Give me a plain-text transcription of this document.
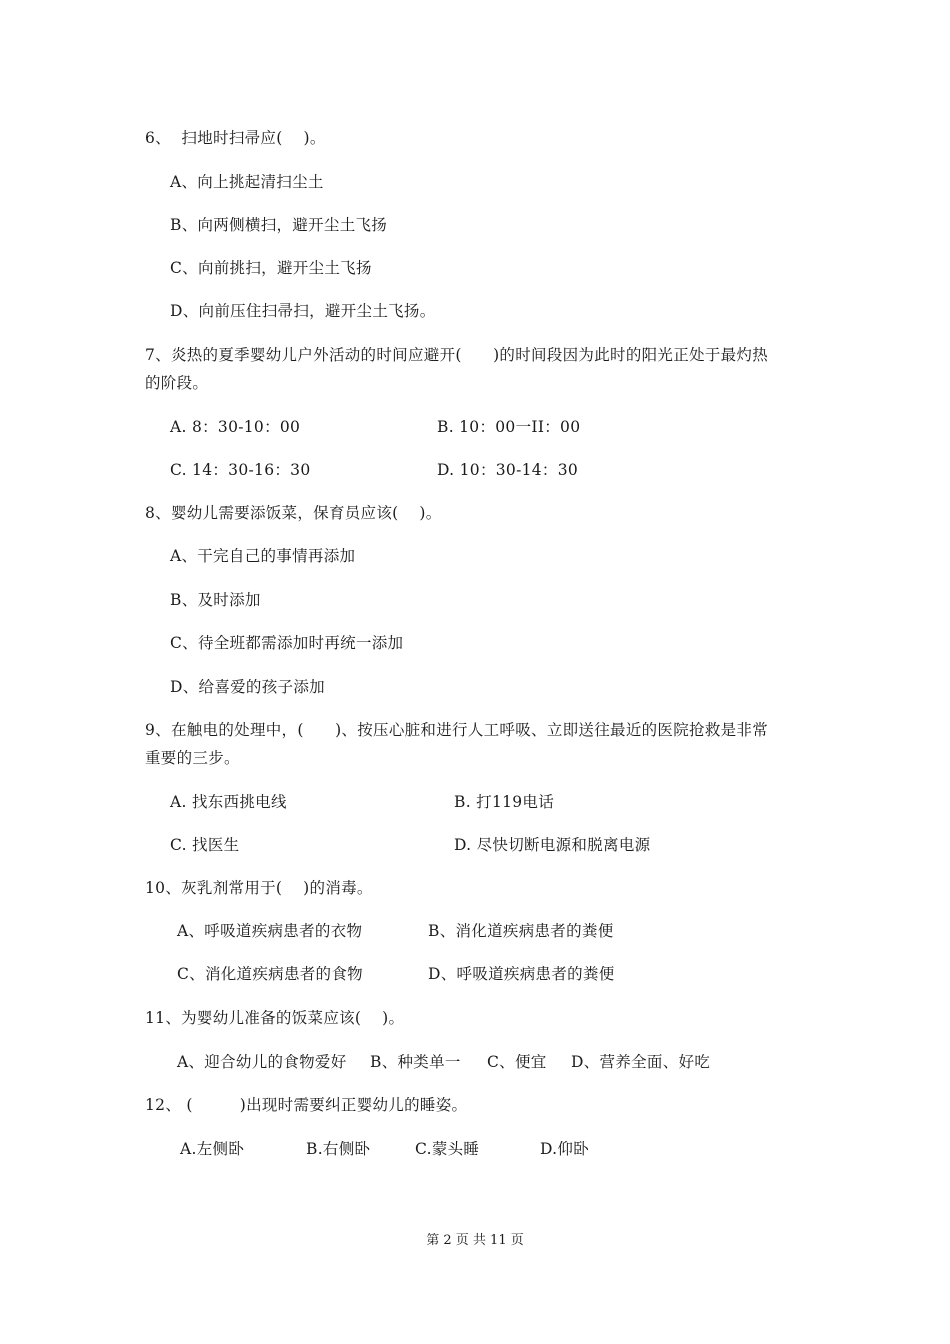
6、  扫地时扫帚应(    )。
A、向上挑起清扫尘土
B、向两侧横扫，避开尘土飞扬
C、向前挑扫，避开尘土飞扬
D、向前压住扫帚扫，避开尘土飞扬。
7、炎热的夏季婴幼儿户外活动的时间应避开(      )的时间段因为此时的阳光正处于最灼热
的阶段。
A. 8：30-10：00	B. 10：00一II：00
C. 14：30-16：30	D. 10：30-14：30
8、婴幼儿需要添饭菜，保育员应该(    )。
A、干完自己的事情再添加
B、及时添加
C、待全班都需添加时再统一添加
D、给喜爱的孩子添加
9、在触电的处理中，(      )、按压心脏和进行人工呼吸、立即送往最近的医院抢救是非常
重要的三步。
A. 找东西挑电线	B. 打119电话
C. 找医生	D. 尽快切断电源和脱离电源
10、灰乳剂常用于(    )的消毒。
A、呼吸道疾病患者的衣物	B、消化道疾病患者的粪便
C、消化道疾病患者的食物	D、呼吸道疾病患者的粪便
11、为婴幼儿准备的饭菜应该(    )。
A、迎合幼儿的食物爱好 B、种类单一 C、便宜 D、营养全面、好吃
12、 (         )出现时需要纠正婴幼儿的睡姿。
A.左侧卧	B.右侧卧	C.蒙头睡	D.仰卧
第 2 页 共 11 页
